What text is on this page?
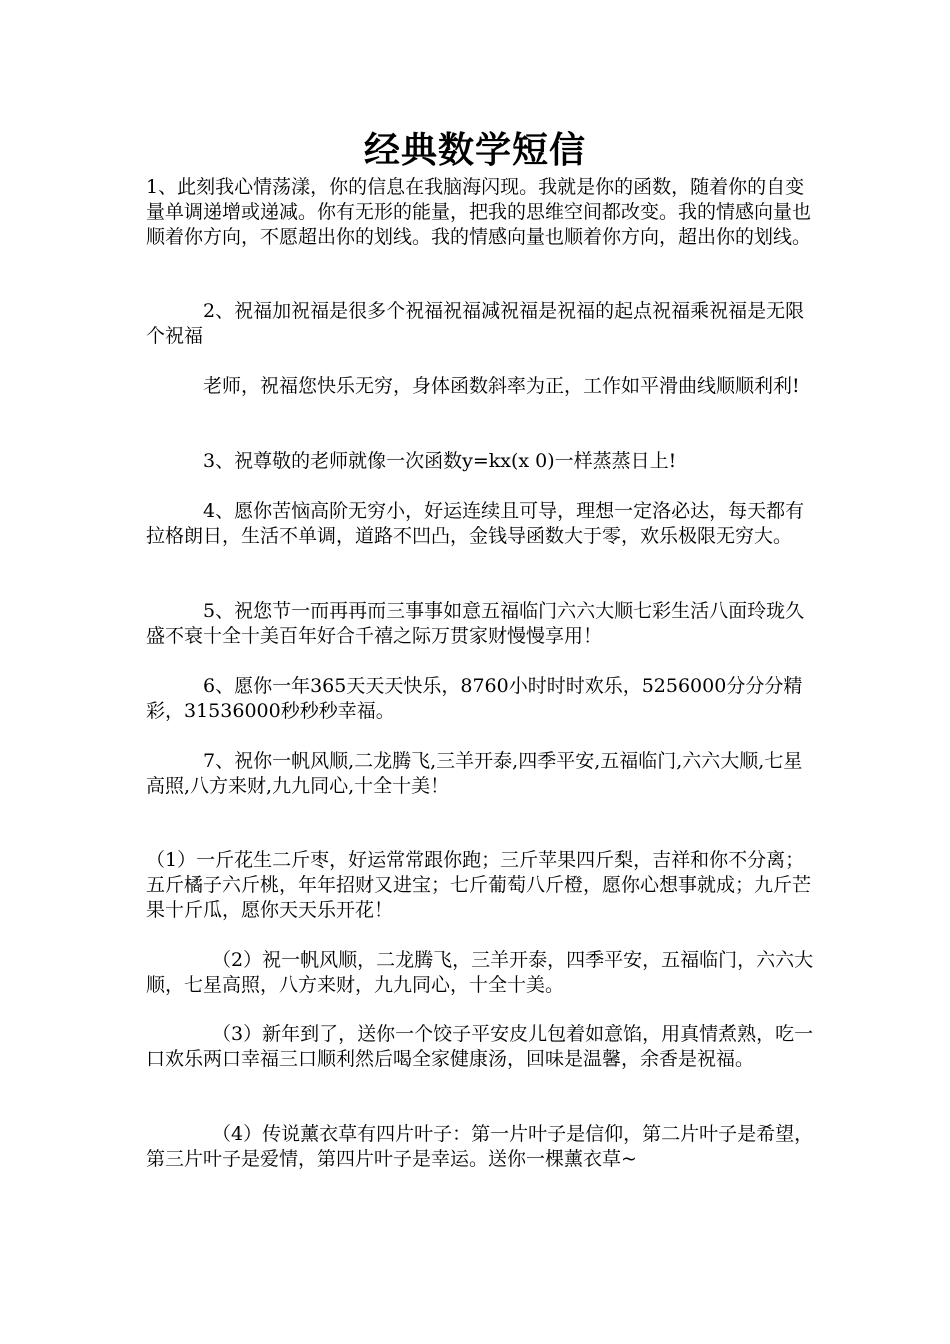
经典数学短信

1、此刻我心情荡漾，你的信息在我脑海闪现。我就是你的函数，随着你的自变量单调递增或递减。你有无形的能量，把我的思维空间都改变。我的情感向量也顺着你方向，不愿超出你的划线。我的情感向量也顺着你方向，超出你的划线。

2、祝福加祝福是很多个祝福祝福减祝福是祝福的起点祝福乘祝福是无限个祝福

老师，祝福您快乐无穷，身体函数斜率为正，工作如平滑曲线顺顺利利!

3、祝尊敬的老师就像一次函数y=kx(x 0)一样蒸蒸日上!

4、愿你苦恼高阶无穷小，好运连续且可导，理想一定洛必达，每天都有拉格朗日，生活不单调，道路不凹凸，金钱导函数大于零，欢乐极限无穷大。

5、祝您节一而再再而三事事如意五福临门六六大顺七彩生活八面玲珑久盛不衰十全十美百年好合千禧之际万贯家财慢慢享用！

6、愿你一年365天天天快乐，8760小时时时欢乐，5256000分分分精彩，31536000秒秒秒幸福。

7、祝你一帆风顺,二龙腾飞,三羊开泰,四季平安,五福临门,六六大顺,七星高照,八方来财,九九同心,十全十美！

（1）一斤花生二斤枣，好运常常跟你跑；三斤苹果四斤梨，吉祥和你不分离；五斤橘子六斤桃，年年招财又进宝；七斤葡萄八斤橙，愿你心想事就成；九斤芒果十斤瓜，愿你天天乐开花！

（2）祝一帆风顺，二龙腾飞，三羊开泰，四季平安，五福临门，六六大顺，七星高照，八方来财，九九同心，十全十美。

（3）新年到了，送你一个饺子平安皮儿包着如意馅，用真情煮熟，吃一口欢乐两口幸福三口顺利然后喝全家健康汤，回味是温馨，余香是祝福。

（4）传说薰衣草有四片叶子：第一片叶子是信仰，第二片叶子是希望，第三片叶子是爱情，第四片叶子是幸运。送你一棵薰衣草~
